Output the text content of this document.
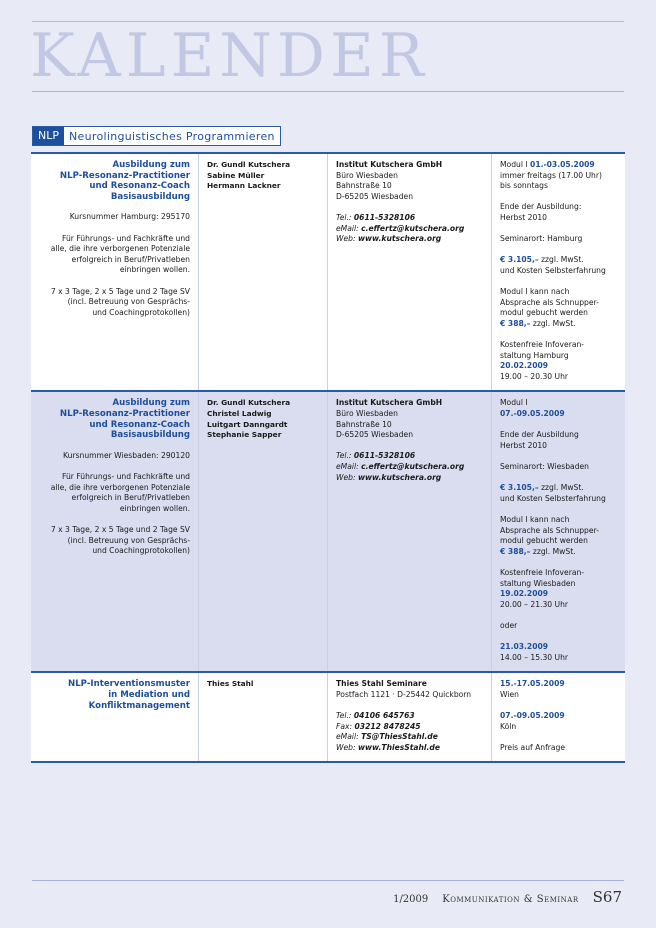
KALENDER
NLP Neurolinguistisches Programmieren
Ausbildung zum
NLP-Resonanz-Practitioner
und Resonanz-Coach
Basisausbildung
Kursnummer Hamburg: 295170
Für Führungs- und Fachkräfte und
alle, die ihre verborgenen Potenziale
erfolgreich in Beruf/Privatleben
einbringen wollen.
7 x 3 Tage, 2 x 5 Tage und 2 Tage SV
(incl. Betreuung von Gesprächs-
und Coachingprotokollen)
Dr. Gundl Kutschera
Sabine Müller
Hermann Lackner
Institut Kutschera GmbH
Büro Wiesbaden
Bahnstraße 10
D-65205 Wiesbaden
Tel.: 0611-5328106
eMail: c.effertz@kutschera.org
Web: www.kutschera.org
Modul I 01.-03.05.2009
immer freitags (17.00 Uhr)
bis sonntags
Ende der Ausbildung:
Herbst 2010
Seminarort: Hamburg
€ 3.105,– zzgl. MwSt.
und Kosten Selbsterfahrung
Modul I kann nach
Absprache als Schnupper-
modul gebucht werden
€ 388,– zzgl. MwSt.
Kostenfreie Infoveran-
staltung Hamburg
20.02.2009
19.00 – 20.30 Uhr
Ausbildung zum
NLP-Resonanz-Practitioner
und Resonanz-Coach
Basisausbildung
Kursnummer Wiesbaden: 290120
Für Führungs- und Fachkräfte und
alle, die ihre verborgenen Potenziale
erfolgreich in Beruf/Privatleben
einbringen wollen.
7 x 3 Tage, 2 x 5 Tage und 2 Tage SV
(incl. Betreuung von Gesprächs-
und Coachingprotokollen)
Dr. Gundl Kutschera
Christel Ladwig
Luitgart Danngardt
Stephanie Sapper
Institut Kutschera GmbH
Büro Wiesbaden
Bahnstraße 10
D-65205 Wiesbaden
Tel.: 0611-5328106
eMail: c.effertz@kutschera.org
Web: www.kutschera.org
Modul I
07.-09.05.2009
Ende der Ausbildung
Herbst 2010
Seminarort: Wiesbaden
€ 3.105,– zzgl. MwSt.
und Kosten Selbsterfahrung
Modul I kann nach
Absprache als Schnupper-
modul gebucht werden
€ 388,– zzgl. MwSt.
Kostenfreie Infoveran-
staltung Wiesbaden
19.02.2009
20.00 – 21.30 Uhr
oder
21.03.2009
14.00 – 15.30 Uhr
NLP-Interventionsmuster
in Mediation und
Konfliktmanagement
Thies Stahl	Thies Stahl Seminare
Postfach 1121 · D-25442 Quickborn
Tel.: 04106 645763
Fax: 03212 8478245
eMail: TS@ThiesStahl.de
Web: www.ThiesStahl.de
15.-17.05.2009
Wien
07.-09.05.2009
Köln
Preis auf Anfrage
1/2009 Kommunikation & Seminar S67
